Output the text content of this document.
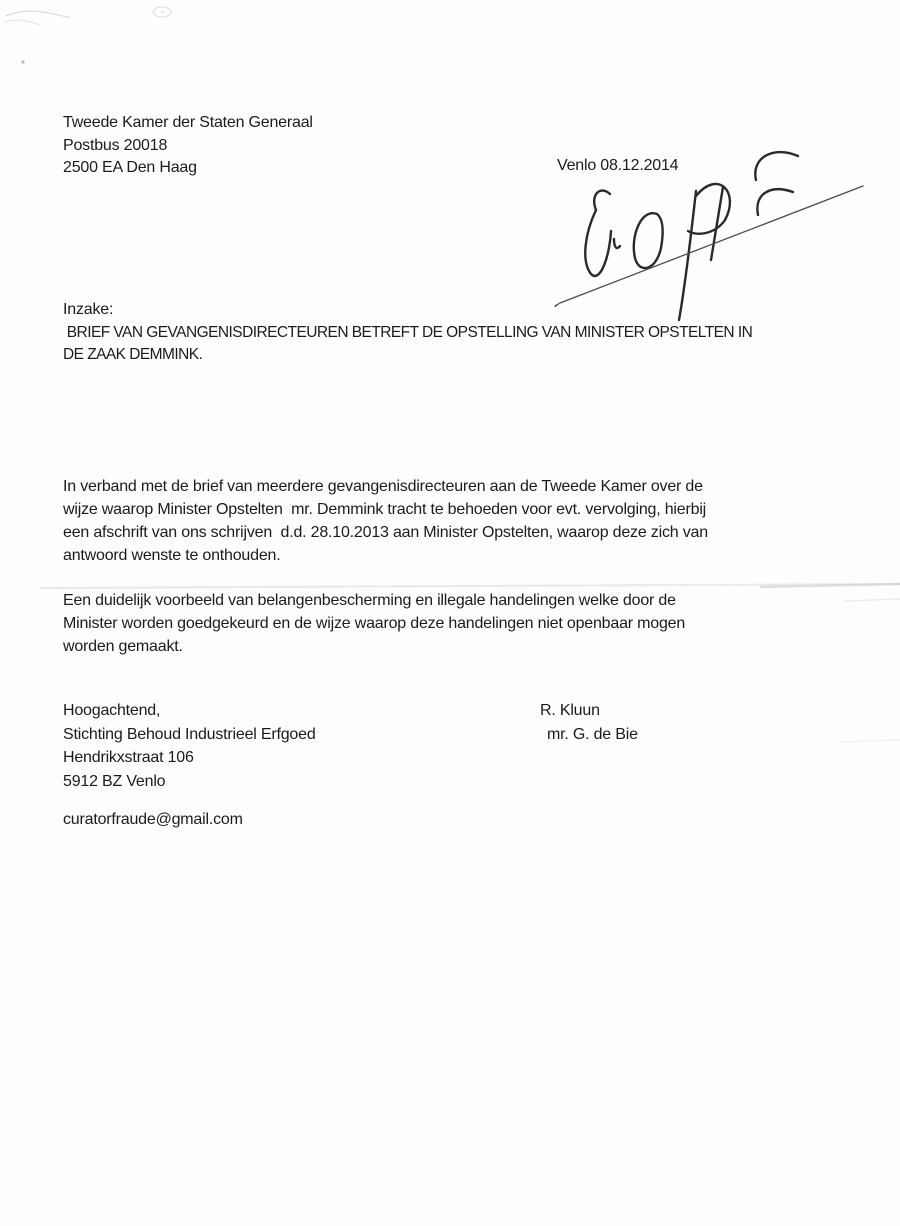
Tweede Kamer der Staten Generaal
Postbus 20018
2500 EA Den Haag	Venlo 08.12.2014
Inzake:
BRIEF VAN GEVANGENISDIRECTEUREN BETREFT DE OPSTELLING VAN MINISTER OPSTELTEN IN
DE ZAAK DEMMINK.
In verband met de brief van meerdere gevangenisdirecteuren aan de Tweede Kamer over de
wijze waarop Minister Opstelten  mr. Demmink tracht te behoeden voor evt. vervolging, hierbij
een afschrift van ons schrijven  d.d. 28.10.2013 aan Minister Opstelten, waarop deze zich van
antwoord wenste te onthouden.
Een duidelijk voorbeeld van belangenbescherming en illegale handelingen welke door de
Minister worden goedgekeurd en de wijze waarop deze handelingen niet openbaar mogen
worden gemaakt.
Hoogachtend,
Stichting Behoud Industrieel Erfgoed
Hendrikxstraat 106
5912 BZ Venlo
R. Kluun
mr. G. de Bie
curatorfraude@gmail.com
